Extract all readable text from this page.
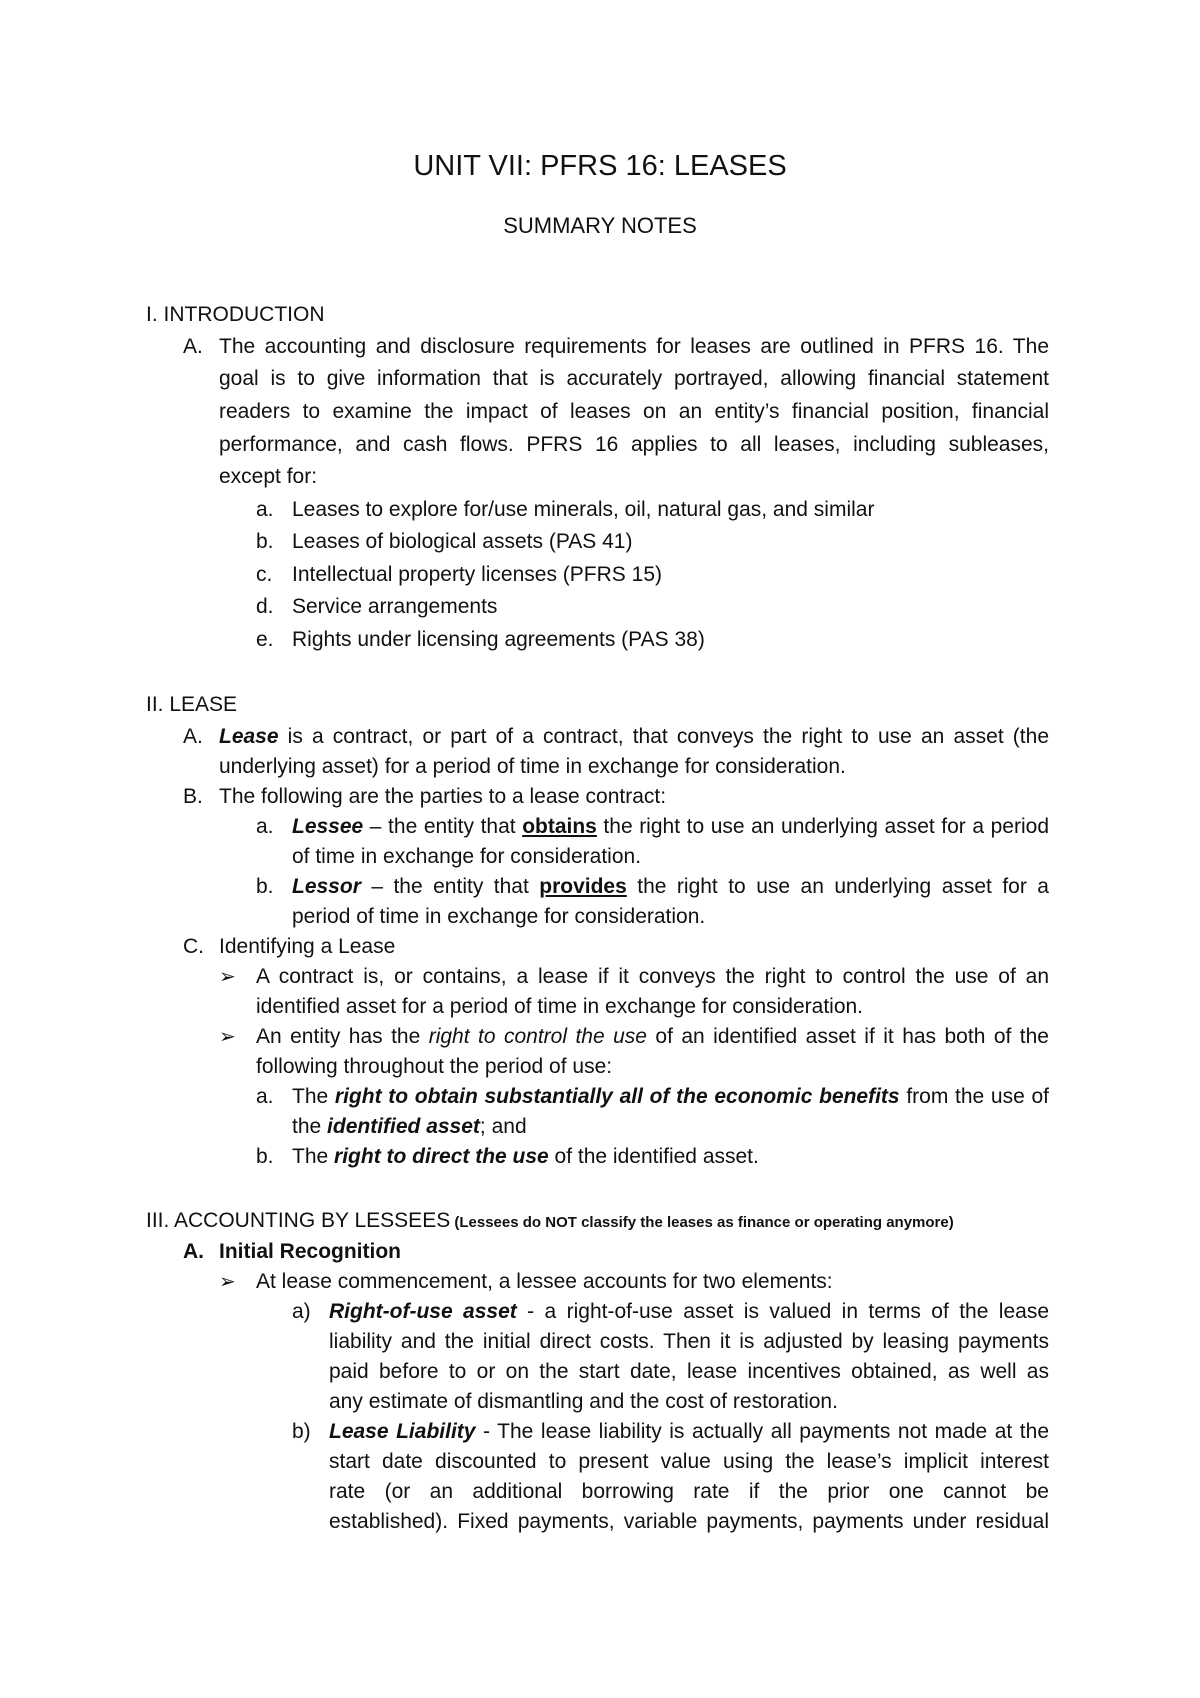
UNIT VII: PFRS 16: LEASES
SUMMARY NOTES
I. INTRODUCTION
A. The accounting and disclosure requirements for leases are outlined in PFRS 16. The
goal is to give information that is accurately portrayed, allowing financial statement
readers to examine the impact of leases on an entity’s financial position, financial
performance, and cash flows. PFRS 16 applies to all leases, including subleases,
except for:
a. Leases to explore for/use minerals, oil, natural gas, and similar
b. Leases of biological assets (PAS 41)
c. Intellectual property licenses (PFRS 15)
d. Service arrangements
e. Rights under licensing agreements (PAS 38)
II. LEASE
A. Lease is a contract, or part of a contract, that conveys the right to use an asset (the
underlying asset) for a period of time in exchange for consideration.
B. The following are the parties to a lease contract:
a. Lessee – the entity that obtains the right to use an underlying asset for a period
of time in exchange for consideration.
b. Lessor – the entity that provides the right to use an underlying asset for a
period of time in exchange for consideration.
C. Identifying a Lease
➢ A contract is, or contains, a lease if it conveys the right to control the use of an
identified asset for a period of time in exchange for consideration.
➢ An entity has the right to control the use of an identified asset if it has both of the
following throughout the period of use:
a. The right to obtain substantially all of the economic benefits from the use of
the identified asset; and
b. The right to direct the use of the identified asset.
III. ACCOUNTING BY LESSEES (Lessees do NOT classify the leases as finance or operating anymore)
A. Initial Recognition
➢ At lease commencement, a lessee accounts for two elements:
a) Right-of-use asset - a right-of-use asset is valued in terms of the lease
liability and the initial direct costs. Then it is adjusted by leasing payments
paid before to or on the start date, lease incentives obtained, as well as
any estimate of dismantling and the cost of restoration.
b) Lease Liability - The lease liability is actually all payments not made at the
start date discounted to present value using the lease’s implicit interest
rate (or an additional borrowing rate if the prior one cannot be
established). Fixed payments, variable payments, payments under residual
